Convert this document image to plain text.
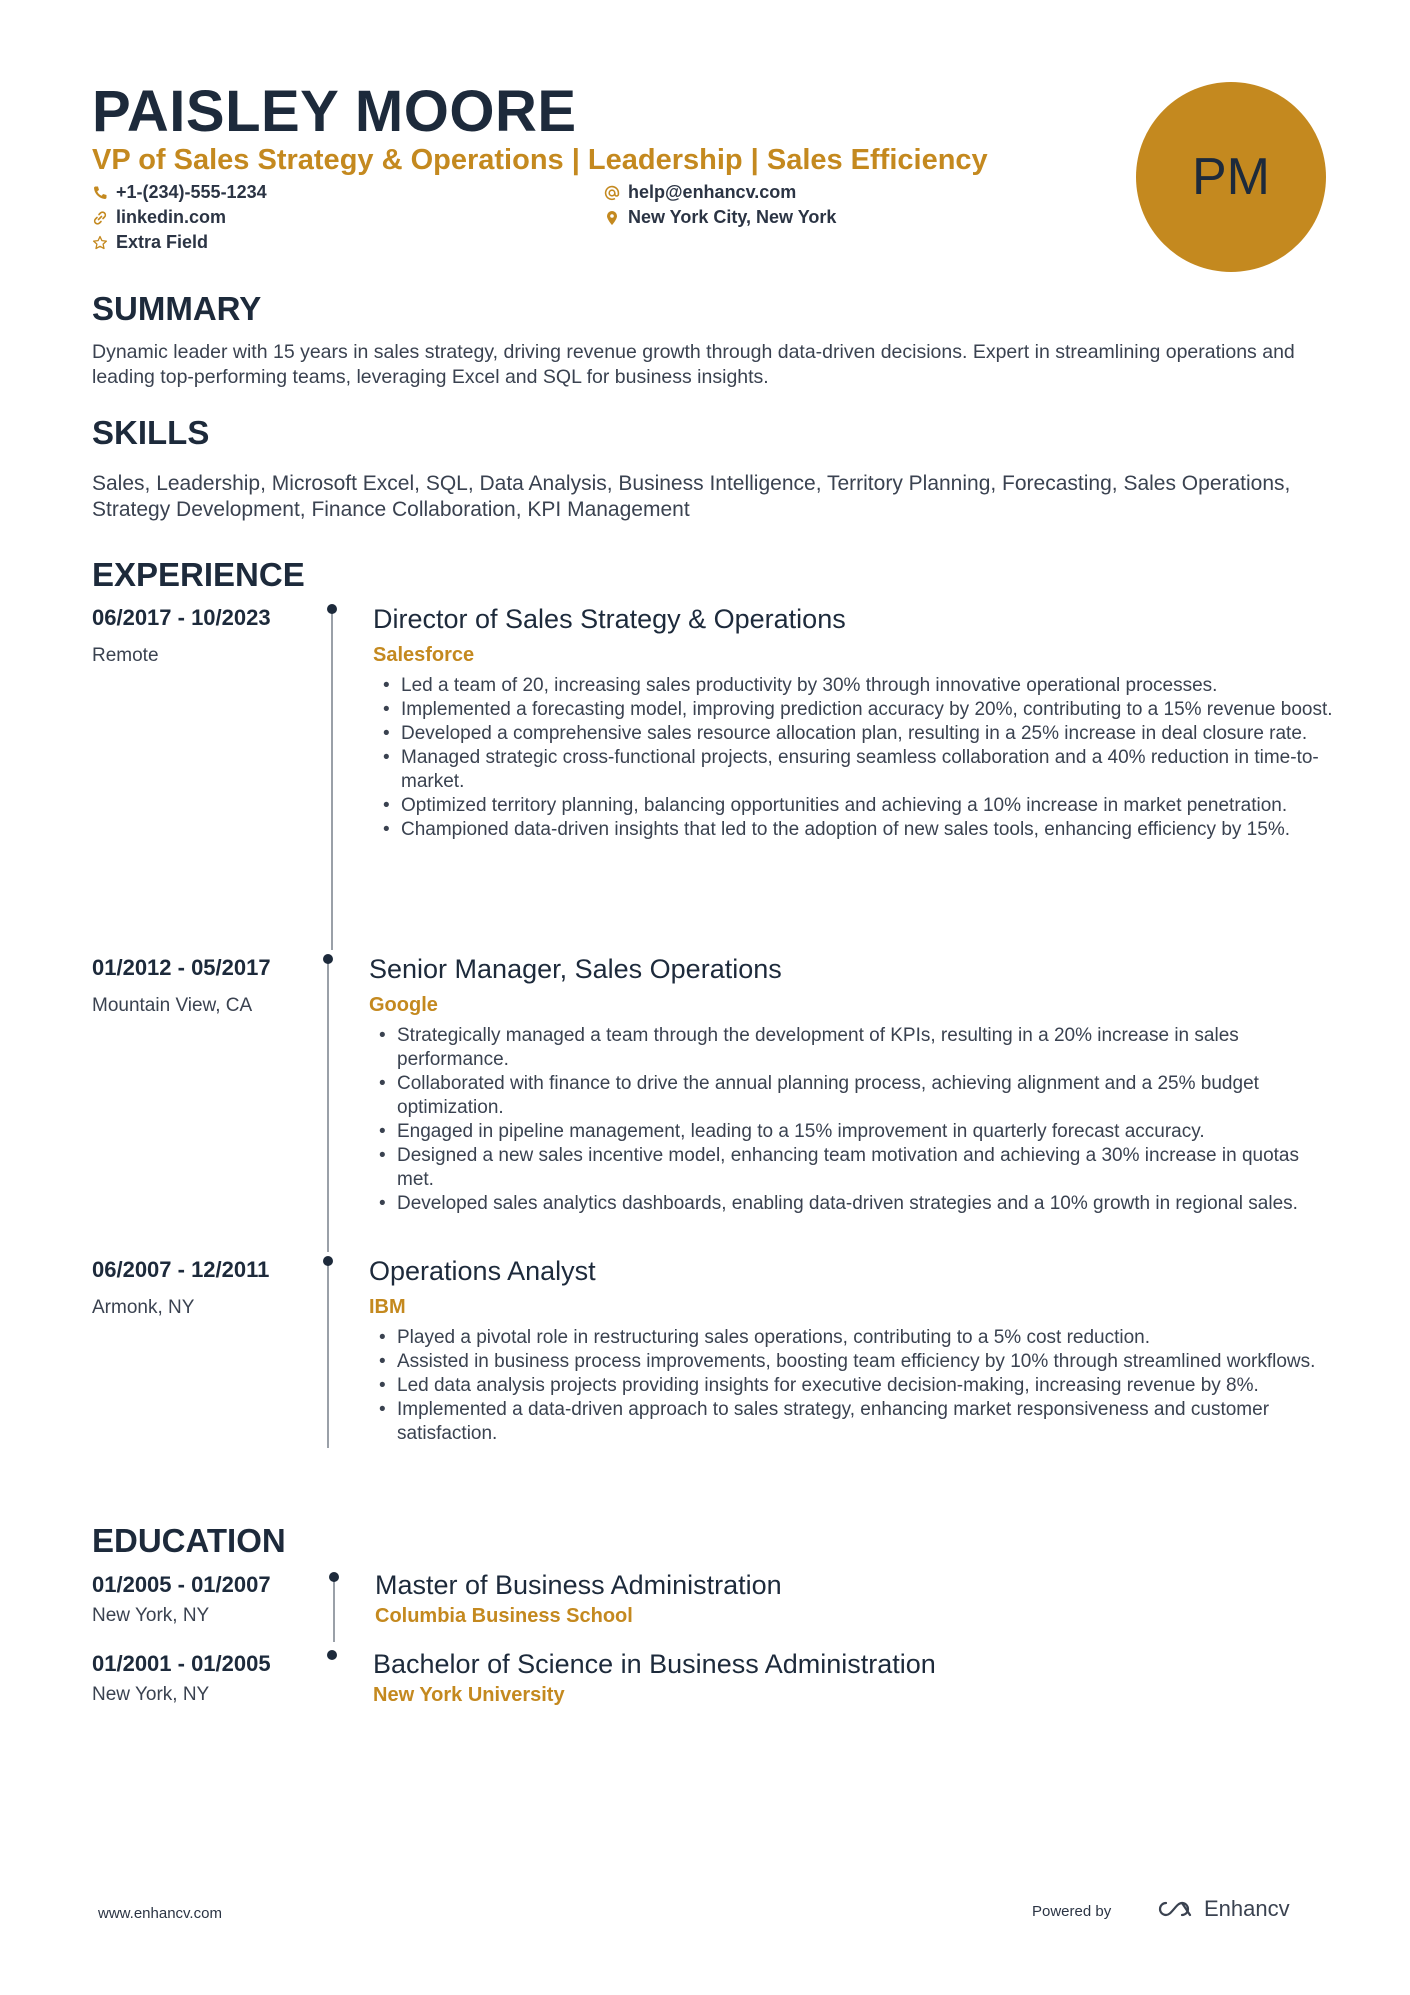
PAISLEY MOORE
VP of Sales Strategy & Operations | Leadership | Sales Efficiency
+1-(234)-555-1234	help@enhancv.com
linkedin.com	New York City, New York
Extra Field
PM
SUMMARY
Dynamic leader with 15 years in sales strategy, driving revenue growth through data-driven decisions. Expert in streamlining operations and leading top-performing teams, leveraging Excel and SQL for business insights.
SKILLS
Sales, Leadership, Microsoft Excel, SQL, Data Analysis, Business Intelligence, Territory Planning, Forecasting, Sales Operations, Strategy Development, Finance Collaboration, KPI Management
EXPERIENCE
06/2017 - 10/2023
Remote
Director of Sales Strategy & Operations
Salesforce
• Led a team of 20, increasing sales productivity by 30% through innovative operational processes.
• Implemented a forecasting model, improving prediction accuracy by 20%, contributing to a 15% revenue boost.
• Developed a comprehensive sales resource allocation plan, resulting in a 25% increase in deal closure rate.
• Managed strategic cross-functional projects, ensuring seamless collaboration and a 40% reduction in time-to-market.
• Optimized territory planning, balancing opportunities and achieving a 10% increase in market penetration.
• Championed data-driven insights that led to the adoption of new sales tools, enhancing efficiency by 15%.
01/2012 - 05/2017
Mountain View, CA
Senior Manager, Sales Operations
Google
• Strategically managed a team through the development of KPIs, resulting in a 20% increase in sales performance.
• Collaborated with finance to drive the annual planning process, achieving alignment and a 25% budget optimization.
• Engaged in pipeline management, leading to a 15% improvement in quarterly forecast accuracy.
• Designed a new sales incentive model, enhancing team motivation and achieving a 30% increase in quotas met.
• Developed sales analytics dashboards, enabling data-driven strategies and a 10% growth in regional sales.
06/2007 - 12/2011
Armonk, NY
Operations Analyst
IBM
• Played a pivotal role in restructuring sales operations, contributing to a 5% cost reduction.
• Assisted in business process improvements, boosting team efficiency by 10% through streamlined workflows.
• Led data analysis projects providing insights for executive decision-making, increasing revenue by 8%.
• Implemented a data-driven approach to sales strategy, enhancing market responsiveness and customer satisfaction.
EDUCATION
01/2005 - 01/2007
New York, NY
Master of Business Administration
Columbia Business School
01/2001 - 01/2005
New York, NY
Bachelor of Science in Business Administration
New York University
www.enhancv.com	Powered by	Enhancv
